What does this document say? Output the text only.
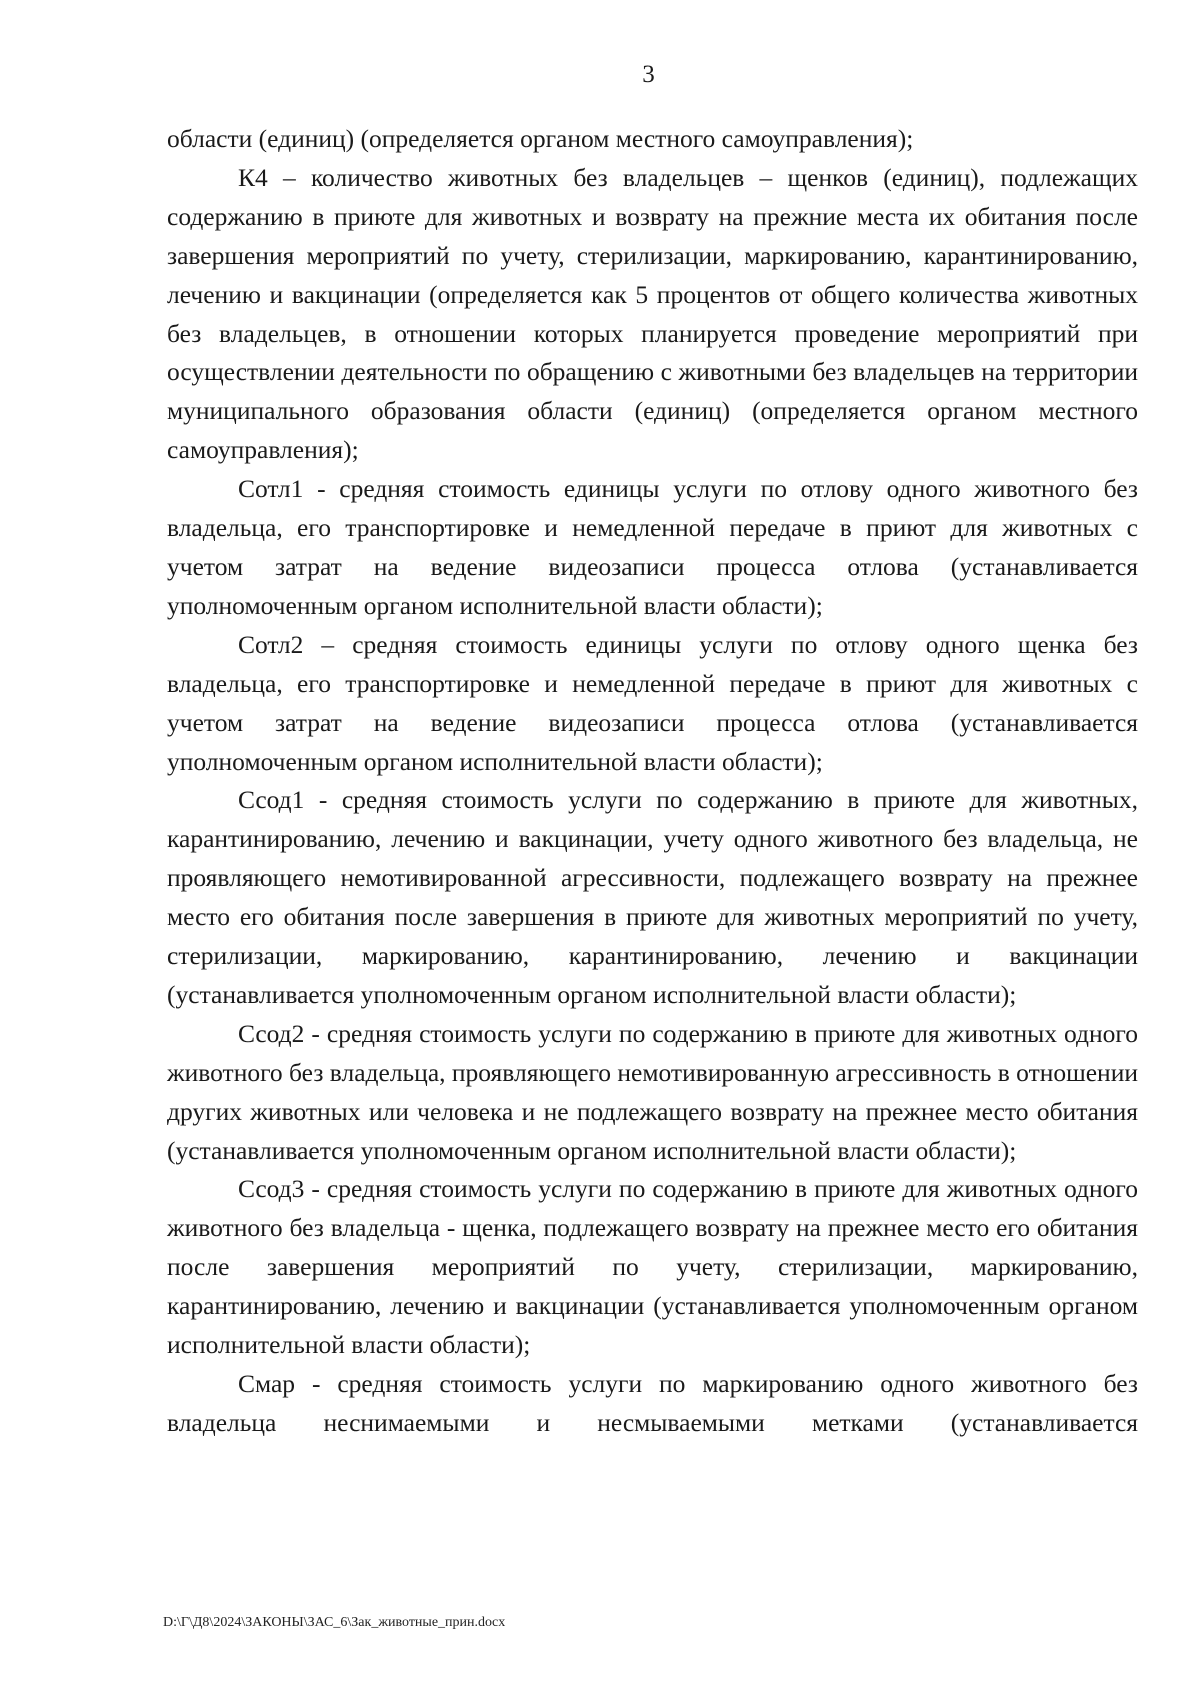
3

области (единиц) (определяется органом местного самоуправления);

К4 – количество животных без владельцев – щенков (единиц), подлежащих содержанию в приюте для животных и возврату на прежние места их обитания после завершения мероприятий по учету, стерилизации, маркированию, карантинированию, лечению и вакцинации (определяется как 5 процентов от общего количества животных без владельцев, в отношении которых планируется проведение мероприятий при осуществлении деятельности по обращению с животными без владельцев на территории муниципального образования области (единиц) (определяется органом местного самоуправления);

Сотл1 - средняя стоимость единицы услуги по отлову одного животного без владельца, его транспортировке и немедленной передаче в приют для животных с учетом затрат на ведение видеозаписи процесса отлова (устанавливается уполномоченным органом исполнительной власти области);

Сотл2 – средняя стоимость единицы услуги по отлову одного щенка без владельца, его транспортировке и немедленной передаче в приют для животных с учетом затрат на ведение видеозаписи процесса отлова (устанавливается уполномоченным органом исполнительной власти области);

Ссод1 - средняя стоимость услуги по содержанию в приюте для животных, карантинированию, лечению и вакцинации, учету одного животного без владельца, не проявляющего немотивированной агрессивности, подлежащего возврату на прежнее место его обитания после завершения в приюте для животных мероприятий по учету, стерилизации, маркированию, карантинированию, лечению и вакцинации (устанавливается уполномоченным органом исполнительной власти области);

Ссод2 - средняя стоимость услуги по содержанию в приюте для животных одного животного без владельца, проявляющего немотивированную агрессивность в отношении других животных или человека и не подлежащего возврату на прежнее место обитания (устанавливается уполномоченным органом исполнительной власти области);

Ссод3 - средняя стоимость услуги по содержанию в приюте для животных одного животного без владельца - щенка, подлежащего возврату на прежнее место его обитания после завершения мероприятий по учету, стерилизации, маркированию, карантинированию, лечению и вакцинации (устанавливается уполномоченным органом исполнительной власти области);

Смар - средняя стоимость услуги по маркированию одного животного без владельца неснимаемыми и несмываемыми метками (устанавливается

D:\Г\Д8\2024\ЗАКОНЫ\ЗАС_6\Зак_животные_прин.docx
